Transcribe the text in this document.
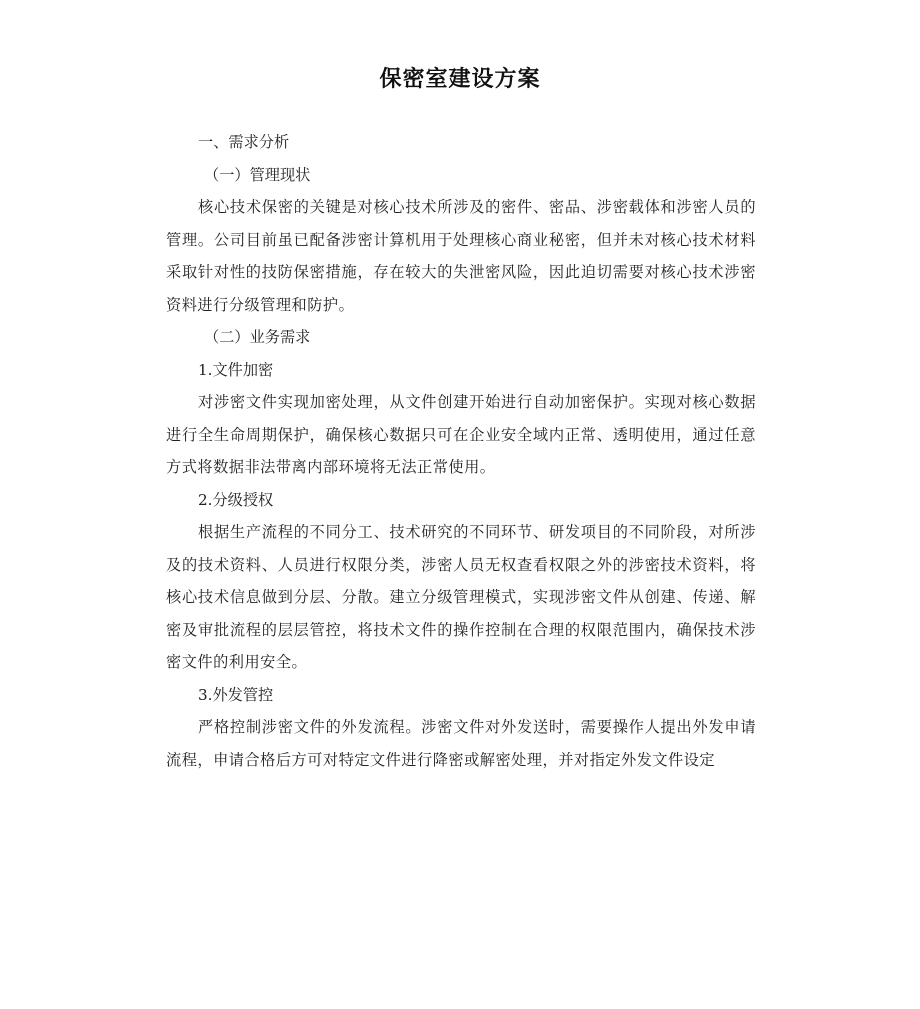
保密室建设方案

一、需求分析

（一）管理现状

核心技术保密的关键是对核心技术所涉及的密件、密品、涉密载体和涉密人员的管理。公司目前虽已配备涉密计算机用于处理核心商业秘密，但并未对核心技术材料采取针对性的技防保密措施，存在较大的失泄密风险，因此迫切需要对核心技术涉密资料进行分级管理和防护。

（二）业务需求

1.文件加密

对涉密文件实现加密处理，从文件创建开始进行自动加密保护。实现对核心数据进行全生命周期保护，确保核心数据只可在企业安全域内正常、透明使用，通过任意方式将数据非法带离内部环境将无法正常使用。

2.分级授权

根据生产流程的不同分工、技术研究的不同环节、研发项目的不同阶段，对所涉及的技术资料、人员进行权限分类，涉密人员无权查看权限之外的涉密技术资料，将核心技术信息做到分层、分散。建立分级管理模式，实现涉密文件从创建、传递、解密及审批流程的层层管控，将技术文件的操作控制在合理的权限范围内，确保技术涉密文件的利用安全。

3.外发管控

严格控制涉密文件的外发流程。涉密文件对外发送时，需要操作人提出外发申请流程，申请合格后方可对特定文件进行降密或解密处理，并对指定外发文件设定
